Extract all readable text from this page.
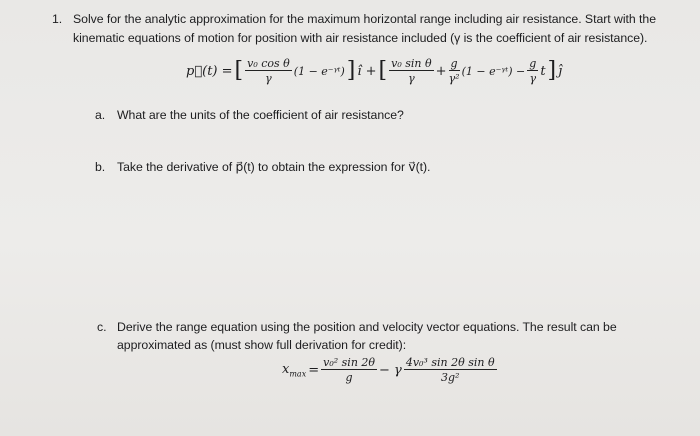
1. Solve for the analytic approximation for the maximum horizontal range including air resistance. Start with the
kinematic equations of motion for position with air resistance included (γ is the coefficient of air resistance).
p⃗(t) = [ $\frac{\text{v₀ cos θ}}{\gamma} (1$ − e⁻ᵞᵗ) ] î + [ $\frac{\text{v₀ sin θ}}{\gamma} + \frac{g}{\text{γ²}} (1$ − e⁻ᵞᵗ) − $\frac{g}{\gamma}$ t ] ĵ
a. What are the units of the coefficient of air resistance?
b. Take the derivative of p⃗(t) to obtain the expression for v⃗(t).
c. Derive the range equation using the position and velocity vector equations. The result can be
approximated as (must show full derivation for credit):
$x_{max} = \frac{\text{v₀² sin 2θ}}{g} - \gamma \frac{\text{4v₀³ sin 2θ sin θ}}{\text{3g²}}$
